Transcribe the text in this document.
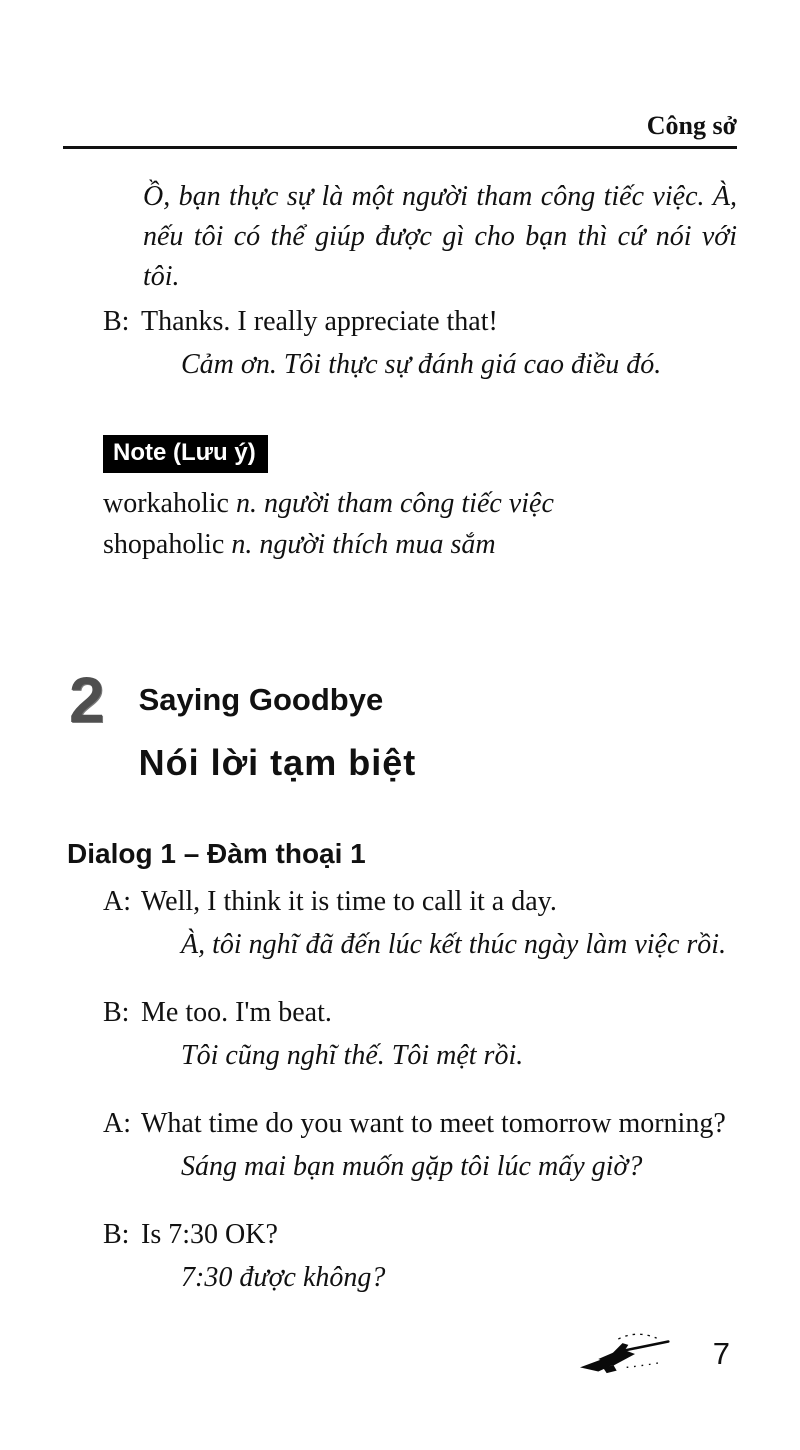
Công sở

Ồ, bạn thực sự là một người tham công tiếc việc. À, nếu tôi có thể giúp được gì cho bạn thì cứ nói với tôi.

B: Thanks. I really appreciate that!

Cảm ơn. Tôi thực sự đánh giá cao điều đó.

Note (Lưu ý)
workaholic n. người tham công tiếc việc
shopaholic n. người thích mua sắm
2 Saying Goodbye
Nói lời tạm biệt
Dialog 1 – Đàm thoại 1
A: Well, I think it is time to call it a day.

À, tôi nghĩ đã đến lúc kết thúc ngày làm việc rồi.

B: Me too. I'm beat.

Tôi cũng nghĩ thế. Tôi mệt rồi.

A: What time do you want to meet tomorrow morning?

Sáng mai bạn muốn gặp tôi lúc mấy giờ?

B: Is 7:30 OK?

7:30 được không?

7
